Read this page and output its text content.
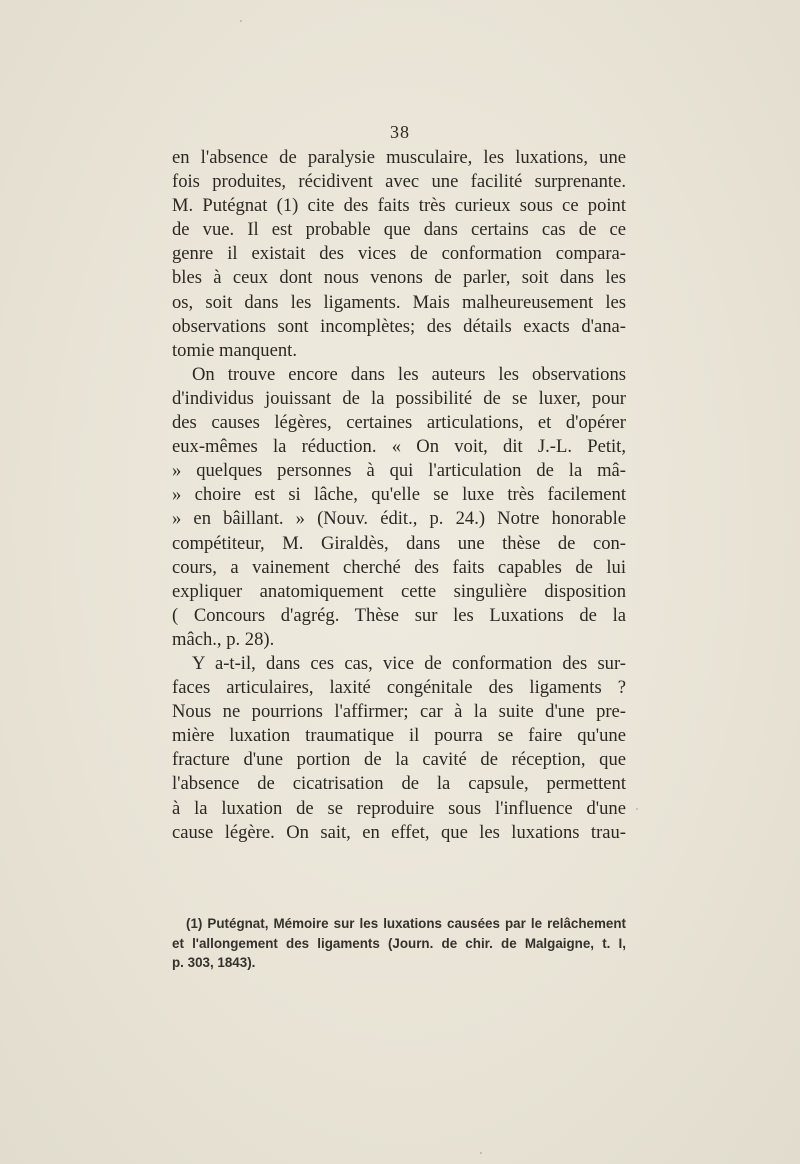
38
en l'absence de paralysie musculaire, les luxations, une
fois produites, récidivent avec une facilité surprenante.
M. Putégnat (1) cite des faits très curieux sous ce point
de vue. Il est probable que dans certains cas de ce
genre il existait des vices de conformation compara-
bles à ceux dont nous venons de parler, soit dans les
os, soit dans les ligaments. Mais malheureusement les
observations sont incomplètes; des détails exacts d'ana-
tomie manquent.
On trouve encore dans les auteurs les observations
d'individus jouissant de la possibilité de se luxer, pour
des causes légères, certaines articulations, et d'opérer
eux-mêmes la réduction. « On voit, dit J.-L. Petit,
» quelques personnes à qui l'articulation de la mâ-
» choire est si lâche, qu'elle se luxe très facilement
» en bâillant. » (Nouv. édit., p. 24.) Notre honorable
compétiteur, M. Giraldès, dans une thèse de con-
cours, a vainement cherché des faits capables de lui
expliquer anatomiquement cette singulière disposition
( Concours d'agrég. Thèse sur les Luxations de la
mâch., p. 28).
Y a-t-il, dans ces cas, vice de conformation des sur-
faces articulaires, laxité congénitale des ligaments ?
Nous ne pourrions l'affirmer; car à la suite d'une pre-
mière luxation traumatique il pourra se faire qu'une
fracture d'une portion de la cavité de réception, que
l'absence de cicatrisation de la capsule, permettent
à la luxation de se reproduire sous l'influence d'une
cause légère. On sait, en effet, que les luxations trau-
(1) Putégnat, Mémoire sur les luxations causées par le relâchement
et l'allongement des ligaments (Journ. de chir. de Malgaigne, t. I,
p. 303, 1843).
